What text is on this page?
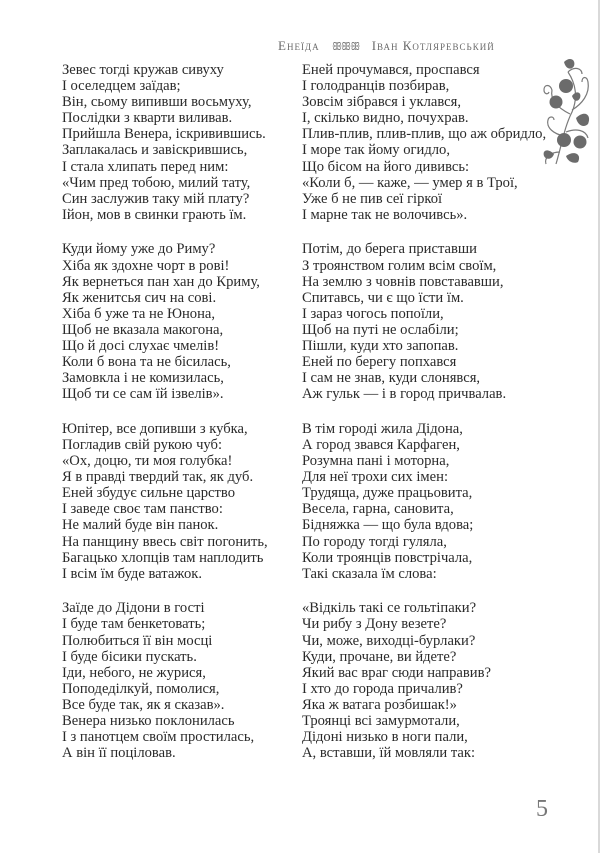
Енеїда ꕥꕥꕥ Іван Котляревський
Зевес тогді кружав сивуху
І оселедцем заїдав;
Він, сьому випивши восьмуху,
Послідки з кварти виливав.
Прийшла Венера, іскривившись.
Заплакалась и завіскрившись,
І стала хлипать перед ним:
«Чим пред тобою, милий тату,
Син заслужив таку мій плату?
Ійон, мов в свинки грають їм.
Куди йому уже до Риму?
Хіба як здохне чорт в рові!
Як вернеться пан хан до Криму,
Як женитсья сич на сові.
Хіба б уже та не Юнона,
Щоб не вказала макогона,
Що й досі слухає чмелів!
Коли б вона та не бісилась,
Замовкла і не комизилась,
Щоб ти се сам їй ізвелів».
Юпітер, все допивши з кубка,
Погладив свій рукою чуб:
«Ох, доцю, ти моя голубка!
Я в правді твердий так, як дуб.
Еней збудує сильне царство
І заведе своє там панство:
Не малий буде він панок.
На панщину ввесь світ погонить,
Багацько хлопців там наплодить
І всім їм буде ватажок.
Заїде до Дідони в гості
І буде там бенкетовать;
Полюбиться її він мосці
І буде бісики пускать.
Іди, небого, не журися,
Поподеділкуй, помолися,
Все буде так, як я сказав».
Венера низько поклонилась
І з панотцем своїм простилась,
А він її поціловав.
Еней прочумався, проспався
І голодранців позбирав,
Зовсім зібрався і уклався,
І, скілько видно, почухрав.
Плив-плив, плив-плив, що аж обридло,
І море так йому огидло,
Що бісом на його дививсь:
«Коли б, — каже, — умер я в Трої,
Уже б не пив сеї гіркої
І марне так не волочивсь».
Потім, до берега приставши
З троянством голим всім своїм,
На землю з човнів повстававши,
Спитавсь, чи є що їсти їм.
І зараз чогось попоїли,
Щоб на путі не ослабіли;
Пішли, куди хто запопав.
Еней по берегу попхався
І сам не знав, куди слонявся,
Аж гульк — і в город причвалав.
В тім городі жила Дідона,
А город звався Карфаген,
Розумна пані і моторна,
Для неї трохи сих імен:
Трудяща, дуже працьовита,
Весела, гарна, сановита,
Бідняжка — що була вдова;
По городу тогді гуляла,
Коли троянців повстрічала,
Такі сказала їм слова:
«Відкіль такі се гольтіпаки?
Чи рибу з Дону везете?
Чи, може, виходці-бурлаки?
Куди, прочане, ви йдете?
Який вас враг сюди направив?
І хто до города причалив?
Яка ж ватага розбишак!»
Троянці всі замурмотали,
Дідоні низько в ноги пали,
А, вставши, їй мовляли так:
5
